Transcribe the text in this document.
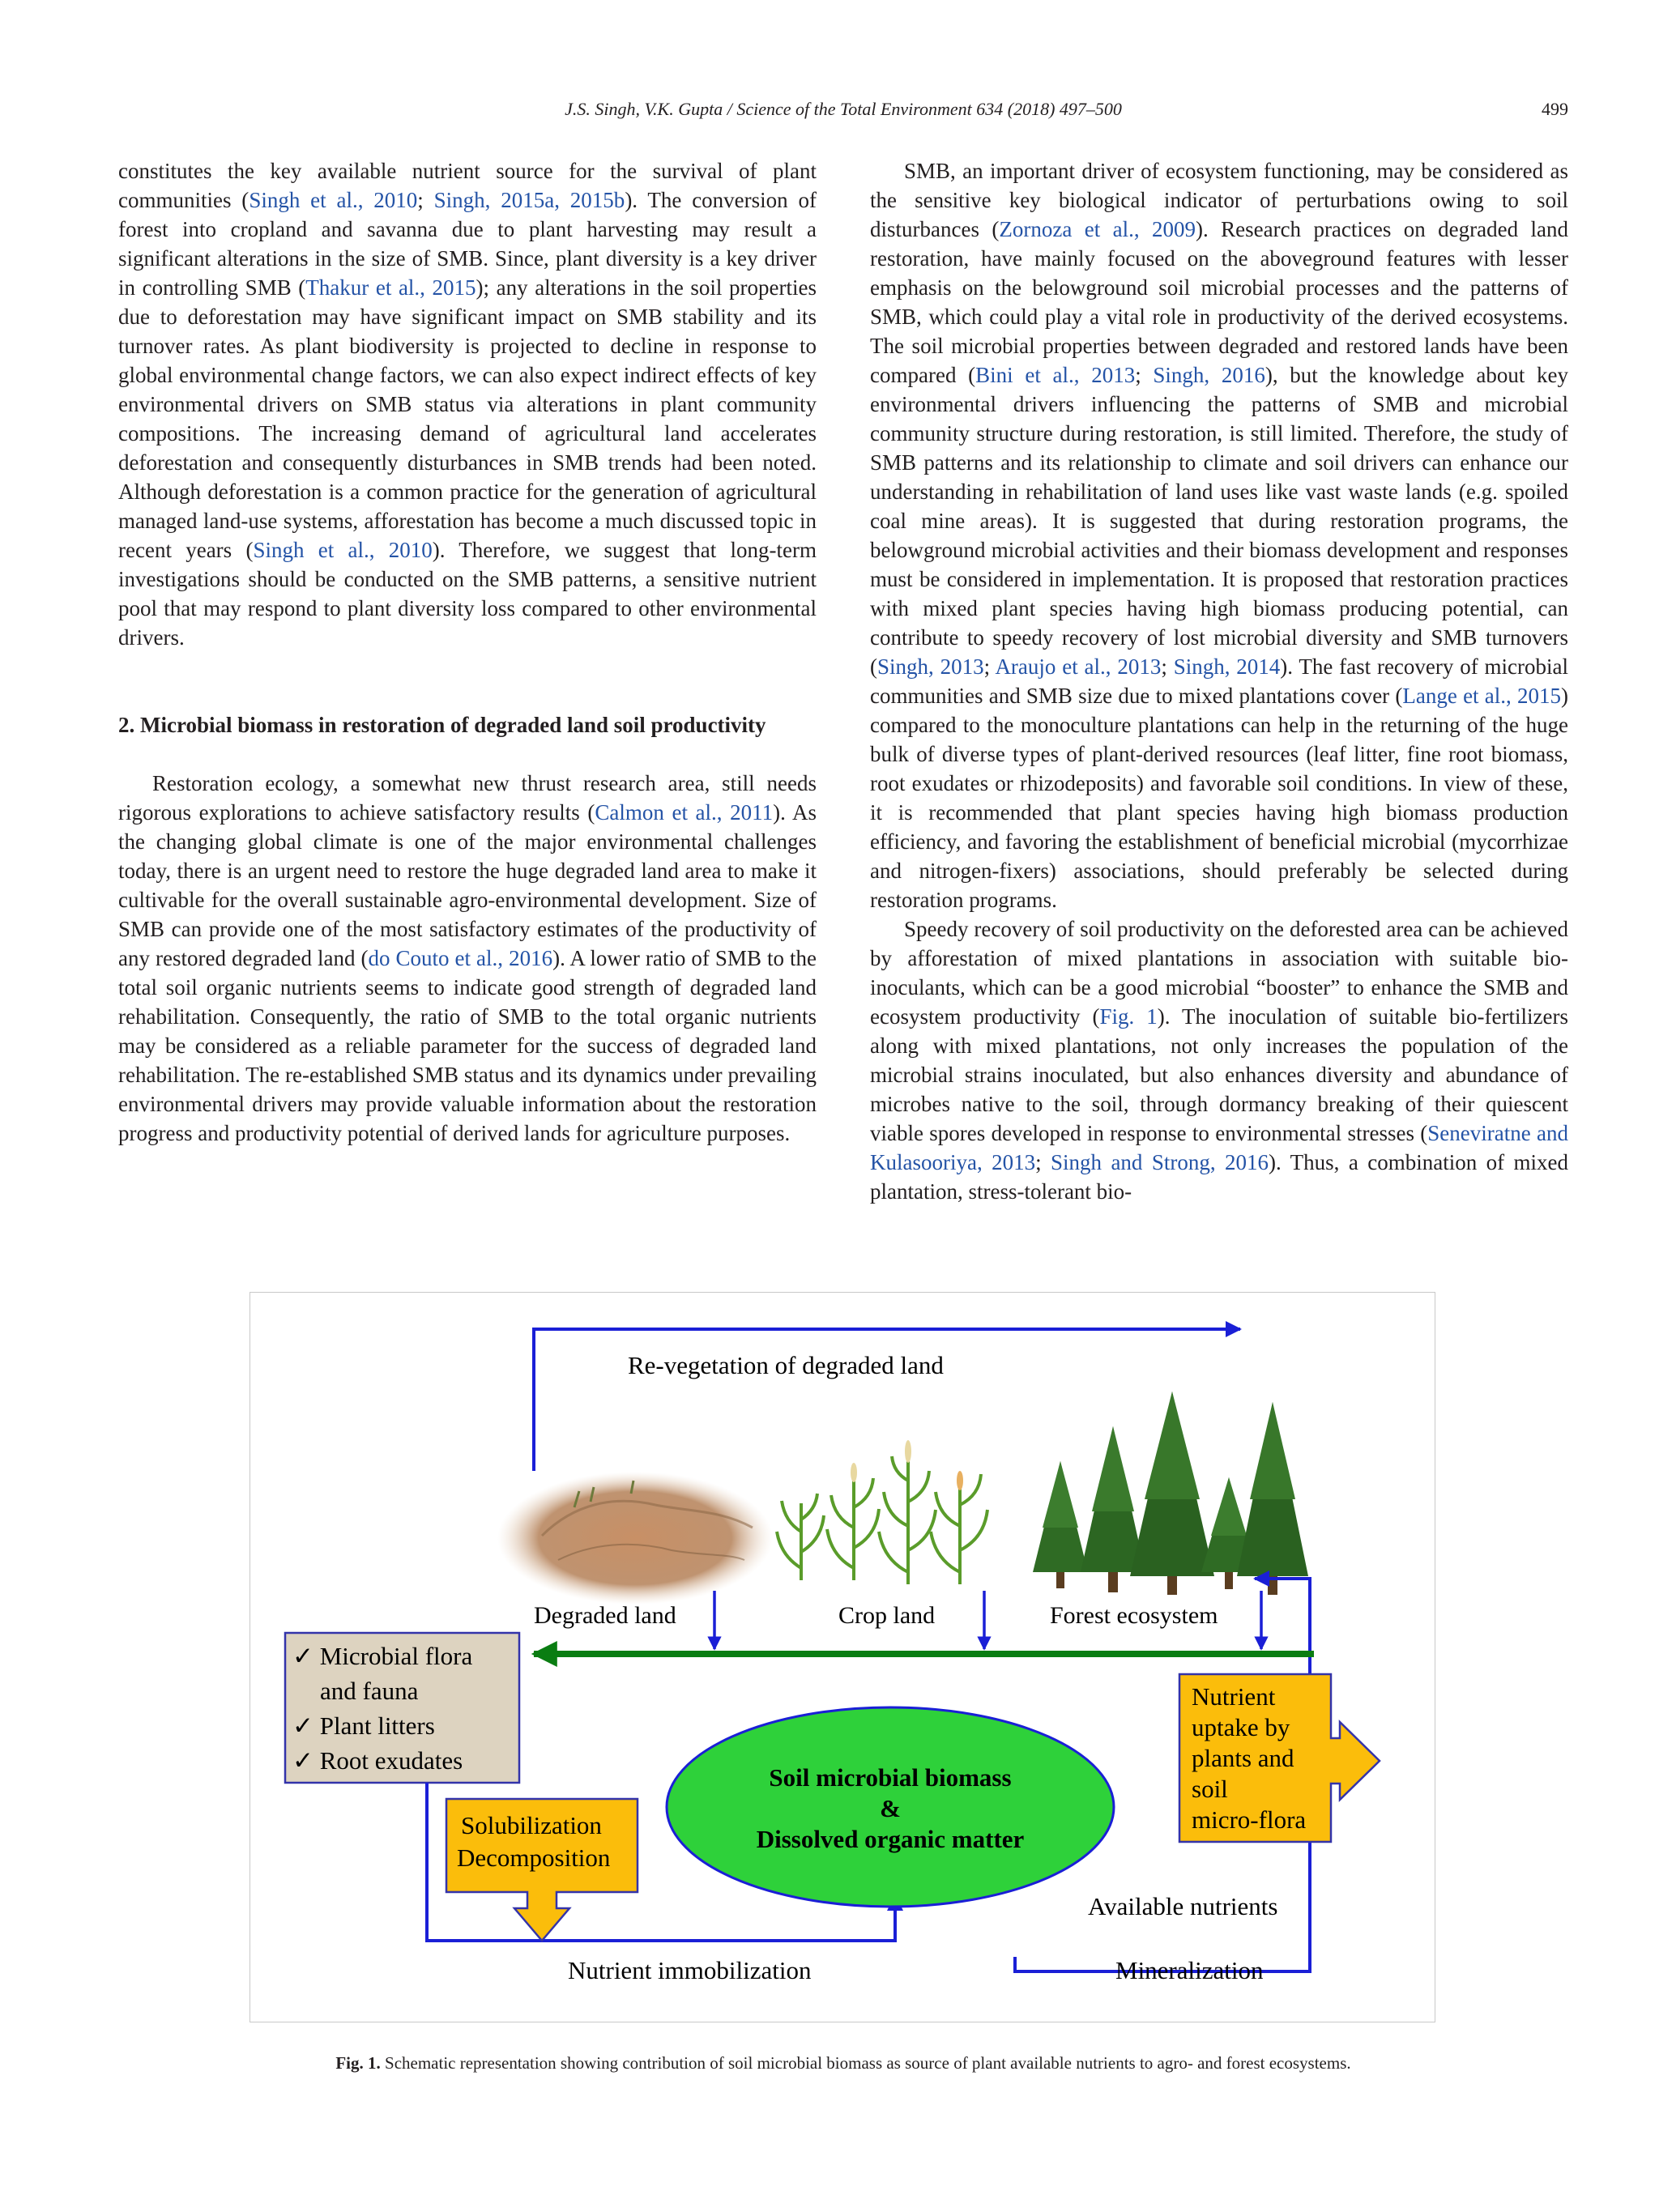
J.S. Singh, V.K. Gupta / Science of the Total Environment 634 (2018) 497–500	499

constitutes the key available nutrient source for the survival of plant communities (Singh et al., 2010; Singh, 2015a, 2015b). The conversion of forest into cropland and savanna due to plant harvesting may result a significant alterations in the size of SMB. Since, plant diversity is a key driver in controlling SMB (Thakur et al., 2015); any alterations in the soil properties due to deforestation may have significant impact on SMB stability and its turnover rates. As plant biodiversity is projected to decline in response to global environmental change factors, we can also expect indirect effects of key environmental drivers on SMB status via alterations in plant community compositions. The increasing demand of agricultural land accelerates deforestation and consequently disturbances in SMB trends had been noted. Although deforestation is a common practice for the generation of agricultural managed land-use systems, afforestation has become a much discussed topic in recent years (Singh et al., 2010). Therefore, we suggest that long-term investigations should be conducted on the SMB patterns, a sensitive nutrient pool that may respond to plant diversity loss compared to other environmental drivers.

2. Microbial biomass in restoration of degraded land soil productivity

Restoration ecology, a somewhat new thrust research area, still needs rigorous explorations to achieve satisfactory results (Calmon et al., 2011). As the changing global climate is one of the major environmental challenges today, there is an urgent need to restore the huge degraded land area to make it cultivable for the overall sustainable agro-environmental development. Size of SMB can provide one of the most satisfactory estimates of the productivity of any restored degraded land (do Couto et al., 2016). A lower ratio of SMB to the total soil organic nutrients seems to indicate good strength of degraded land rehabilitation. Consequently, the ratio of SMB to the total organic nutrients may be considered as a reliable parameter for the success of degraded land rehabilitation. The re-established SMB status and its dynamics under prevailing environmental drivers may provide valuable information about the restoration progress and productivity potential of derived lands for agriculture purposes.

SMB, an important driver of ecosystem functioning, may be considered as the sensitive key biological indicator of perturbations owing to soil disturbances (Zornoza et al., 2009). Research practices on degraded land restoration, have mainly focused on the aboveground features with lesser emphasis on the belowground soil microbial processes and the patterns of SMB, which could play a vital role in productivity of the derived ecosystems. The soil microbial properties between degraded and restored lands have been compared (Bini et al., 2013; Singh, 2016), but the knowledge about key environmental drivers influencing the patterns of SMB and microbial community structure during restoration, is still limited. Therefore, the study of SMB patterns and its relationship to climate and soil drivers can enhance our understanding in rehabilitation of land uses like vast waste lands (e.g. spoiled coal mine areas). It is suggested that during restoration programs, the belowground microbial activities and their biomass development and responses must be considered in implementation. It is proposed that restoration practices with mixed plant species having high biomass producing potential, can contribute to speedy recovery of lost microbial diversity and SMB turnovers (Singh, 2013; Araujo et al., 2013; Singh, 2014). The fast recovery of microbial communities and SMB size due to mixed plantations cover (Lange et al., 2015) compared to the monoculture plantations can help in the returning of the huge bulk of diverse types of plant-derived resources (leaf litter, fine root biomass, root exudates or rhizodeposits) and favorable soil conditions. In view of these, it is recommended that plant species having high biomass production efficiency, and favoring the establishment of beneficial microbial (mycorrhizae and nitrogen-fixers) associations, should preferably be selected during restoration programs.

Speedy recovery of soil productivity on the deforested area can be achieved by afforestation of mixed plantations in association with suitable bio-inoculants, which can be a good microbial “booster” to enhance the SMB and ecosystem productivity (Fig. 1). The inoculation of suitable bio-fertilizers along with mixed plantations, not only increases the population of the microbial strains inoculated, but also enhances diversity and abundance of microbes native to the soil, through dormancy breaking of their quiescent viable spores developed in response to environmental stresses (Seneviratne and Kulasooriya, 2013; Singh and Strong, 2016). Thus, a combination of mixed plantation, stress-tolerant bio-

Re-vegetation of degraded land
Degraded land	Crop land	Forest ecosystem
✓ Microbial flora
and fauna
✓ Plant litters
✓ Root exudates
Solubilization
Decomposition
Soil microbial biomass
&
Dissolved organic matter
Nutrient
uptake by
plants and
soil
micro-flora
Available nutrients
Nutrient immobilization	Mineralization
Fig. 1. Schematic representation showing contribution of soil microbial biomass as source of plant available nutrients to agro- and forest ecosystems.
